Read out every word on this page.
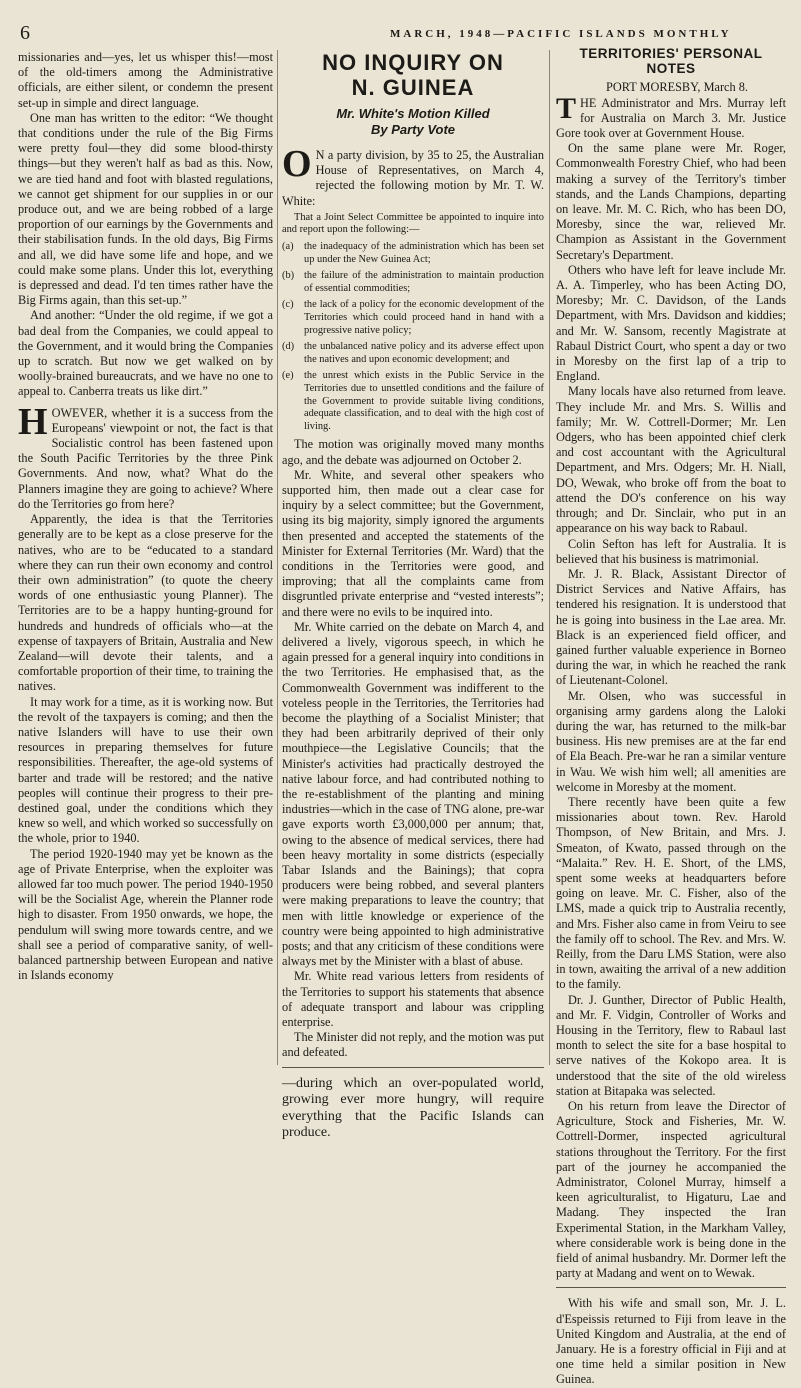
6	MARCH, 1948—PACIFIC ISLANDS MONTHLY

missionaries and—yes, let us whisper this!—most of the old-timers among the Administrative officials, are either silent, or condemn the present set-up in simple and direct language.

One man has written to the editor: “We thought that conditions under the rule of the Big Firms were pretty foul—they did some blood-thirsty things—but they weren't half as bad as this. Now, we are tied hand and foot with blasted regulations, we cannot get shipment for our supplies in or our produce out, and we are being robbed of a large proportion of our earnings by the Governments and their stabilisation funds. In the old days, Big Firms and all, we did have some life and hope, and we could make some plans. Under this lot, everything is depressed and dead. I'd ten times rather have the Big Firms again, than this set-up.”

And another: “Under the old regime, if we got a bad deal from the Companies, we could appeal to the Government, and it would bring the Companies up to scratch. But now we get walked on by woolly-brained bureaucrats, and we have no one to appeal to. Canberra treats us like dirt.”

HOWEVER, whether it is a success from the Europeans' viewpoint or not, the fact is that Socialistic control has been fastened upon the South Pacific Territories by the three Pink Governments. And now, what? What do the Planners imagine they are going to achieve? Where do the Territories go from here?

Apparently, the idea is that the Territories generally are to be kept as a close preserve for the natives, who are to be “educated to a standard where they can run their own economy and control their own administration” (to quote the cheery words of one enthusiastic young Planner). The Territories are to be a happy hunting-ground for hundreds and hundreds of officials who—at the expense of taxpayers of Britain, Australia and New Zealand—will devote their talents, and a comfortable proportion of their time, to training the natives.

It may work for a time, as it is working now. But the revolt of the taxpayers is coming; and then the native Islanders will have to use their own resources in preparing themselves for future responsibilities. Thereafter, the age-old systems of barter and trade will be restored; and the native peoples will continue their progress to their pre-destined goal, under the conditions which they knew so well, and which worked so successfully on the whole, prior to 1940.

The period 1920-1940 may yet be known as the age of Private Enterprise, when the exploiter was allowed far too much power. The period 1940-1950 will be the Socialist Age, wherein the Planner rode high to disaster. From 1950 onwards, we hope, the pendulum will swing more towards centre, and we shall see a period of comparative sanity, of well-balanced partnership between European and native in Islands economy

NO INQUIRY ON
N. GUINEA
Mr. White's Motion Killed
By Party Vote

O N a party division, by 35 to 25, the Australian House of Representatives, on March 4, rejected the following motion by Mr. T. W. White:

That a Joint Select Committee be appointed to inquire into and report upon the following:—

(a)	the inadequacy of the administration which has been set up under the New Guinea Act;
(b) the failure of the administration to maintain production of essential commodities;
(c)	the lack of a policy for the economic development of the Territories which could proceed hand in hand with a progressive native policy;
(d) the unbalanced native policy and its adverse effect upon the natives and upon economic development; and
(e)	the unrest which exists in the Public Service in the Territories due to unsettled conditions and the failure of the Government to provide suitable living conditions, adequate classification, and to deal with the high cost of living.

The motion was originally moved many months ago, and the debate was adjourned on October 2.

Mr. White, and several other speakers who supported him, then made out a clear case for inquiry by a select committee; but the Government, using its big majority, simply ignored the arguments then presented and accepted the statements of the Minister for External Territories (Mr. Ward) that the conditions in the Territories were good, and improving; that all the complaints came from disgruntled private enterprise and “vested interests”; and there were no evils to be inquired into.

Mr. White carried on the debate on March 4, and delivered a lively, vigorous speech, in which he again pressed for a general inquiry into conditions in the two Territories. He emphasised that, as the Commonwealth Government was indifferent to the voteless people in the Territories, the Territories had become the plaything of a Socialist Minister; that they had been arbitrarily deprived of their only mouthpiece—the Legislative Councils; that the Minister's activities had practically destroyed the native labour force, and had contributed nothing to the re-establishment of the planting and mining industries—which in the case of TNG alone, pre-war gave exports worth £3,000,000 per annum; that, owing to the absence of medical services, there had been heavy mortality in some districts (especially Tabar Islands and the Bainings); that copra producers were being robbed, and several planters were making preparations to leave the country; that men with little knowledge or experience of the country were being appointed to high administrative posts; and that any criticism of these conditions were always met by the Minister with a blast of abuse.

Mr. White read various letters from residents of the Territories to support his statements that absence of adequate transport and labour was crippling enterprise.

The Minister did not reply, and the motion was put and defeated.

—during which an over-populated world, growing ever more hungry, will require everything that the Pacific Islands can produce.

TERRITORIES' PERSONAL NOTES

PORT MORESBY, March 8.

THE Administrator and Mrs. Murray left for Australia on March 3. Mr. Justice Gore took over at Government House.

On the same plane were Mr. Roger, Commonwealth Forestry Chief, who had been making a survey of the Territory's timber stands, and the Lands Champions, departing on leave. Mr. M. C. Rich, who has been DO, Moresby, since the war, relieved Mr. Champion as Assistant in the Government Secretary's Department.

Others who have left for leave include Mr. A. A. Timperley, who has been Acting DO, Moresby; Mr. C. Davidson, of the Lands Department, with Mrs. Davidson and kiddies; and Mr. W. Sansom, recently Magistrate at Rabaul District Court, who spent a day or two in Moresby on the first lap of a trip to England.

Many locals have also returned from leave. They include Mr. and Mrs. S. Willis and family; Mr. W. Cottrell-Dormer; Mr. Len Odgers, who has been appointed chief clerk and cost accountant with the Agricultural Department, and Mrs. Odgers; Mr. H. Niall, DO, Wewak, who broke off from the boat to attend the DO's conference on his way through; and Dr. Sinclair, who put in an appearance on his way back to Rabaul.

Colin Sefton has left for Australia. It is believed that his business is matrimonial.

Mr. J. R. Black, Assistant Director of District Services and Native Affairs, has tendered his resignation. It is understood that he is going into business in the Lae area. Mr. Black is an experienced field officer, and gained further valuable experience in Borneo during the war, in which he reached the rank of Lieutenant-Colonel.

Mr. Olsen, who was successful in organising army gardens along the Laloki during the war, has returned to the milk-bar business. His new premises are at the far end of Ela Beach. Pre-war he ran a similar venture in Wau. We wish him well; all amenities are welcome in Moresby at the moment.

There recently have been quite a few missionaries about town. Rev. Harold Thompson, of New Britain, and Mrs. J. Smeaton, of Kwato, passed through on the “Malaita.” Rev. H. E. Short, of the LMS, spent some weeks at headquarters before going on leave. Mr. C. Fisher, also of the LMS, made a quick trip to Australia recently, and Mrs. Fisher also came in from Veiru to see the family off to school. The Rev. and Mrs. W. Reilly, from the Daru LMS Station, were also in town, awaiting the arrival of a new addition to the family.

Dr. J. Gunther, Director of Public Health, and Mr. F. Vidgin, Controller of Works and Housing in the Territory, flew to Rabaul last month to select the site for a base hospital to serve natives of the Kokopo area. It is understood that the site of the old wireless station at Bitapaka was selected.

On his return from leave the Director of Agriculture, Stock and Fisheries, Mr. W. Cottrell-Dormer, inspected agricultural stations throughout the Territory. For the first part of the journey he accompanied the Administrator, Colonel Murray, himself a keen agriculturalist, to Higaturu, Lae and Madang. They inspected the Iran Experimental Station, in the Markham Valley, where considerable work is being done in the field of animal husbandry. Mr. Dormer left the party at Madang and went on to Wewak.

With his wife and small son, Mr. J. L. d'Espeissis returned to Fiji from leave in the United Kingdom and Australia, at the end of January. He is a forestry official in Fiji and at one time held a similar position in New Guinea.
